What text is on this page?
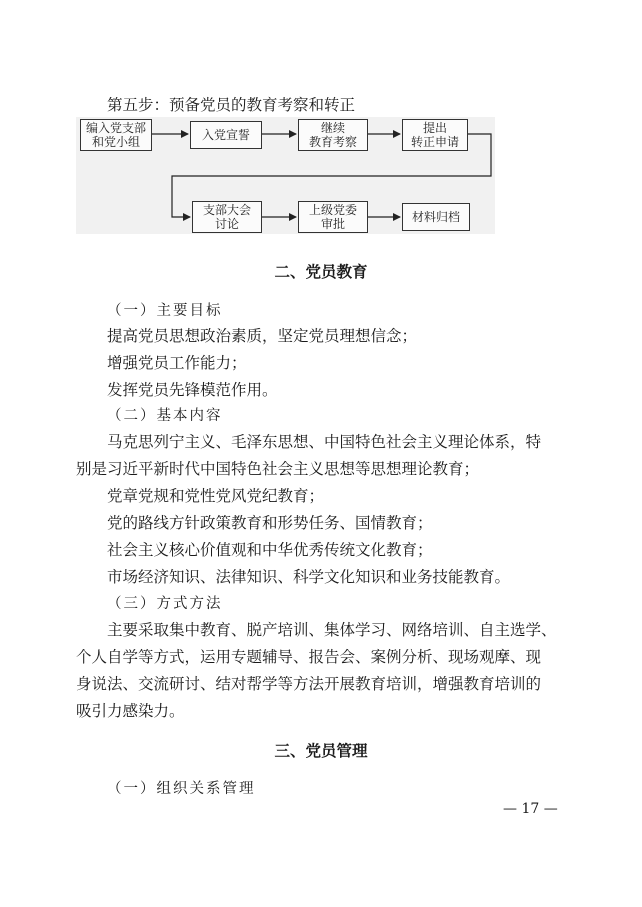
第五步：预备党员的教育考察和转正
编入党支部
和党小组	入党宣誓	继续
教育考察
提出
转正申请
支部大会
讨论
上级党委
审批	材料归档
二、党员教育
（一）主要目标
提高党员思想政治素质，坚定党员理想信念；
增强党员工作能力；
发挥党员先锋模范作用。
（二）基本内容
马克思列宁主义、毛泽东思想、中国特色社会主义理论体系，特
别是习近平新时代中国特色社会主义思想等思想理论教育；
党章党规和党性党风党纪教育；
党的路线方针政策教育和形势任务、国情教育；
社会主义核心价值观和中华优秀传统文化教育；
市场经济知识、法律知识、科学文化知识和业务技能教育。
（三）方式方法
主要采取集中教育、脱产培训、集体学习、网络培训、自主选学、
个人自学等方式，运用专题辅导、报告会、案例分析、现场观摩、现
身说法、交流研讨、结对帮学等方法开展教育培训，增强教育培训的
吸引力感染力。
三、党员管理
（一）组织关系管理
— 17 —
